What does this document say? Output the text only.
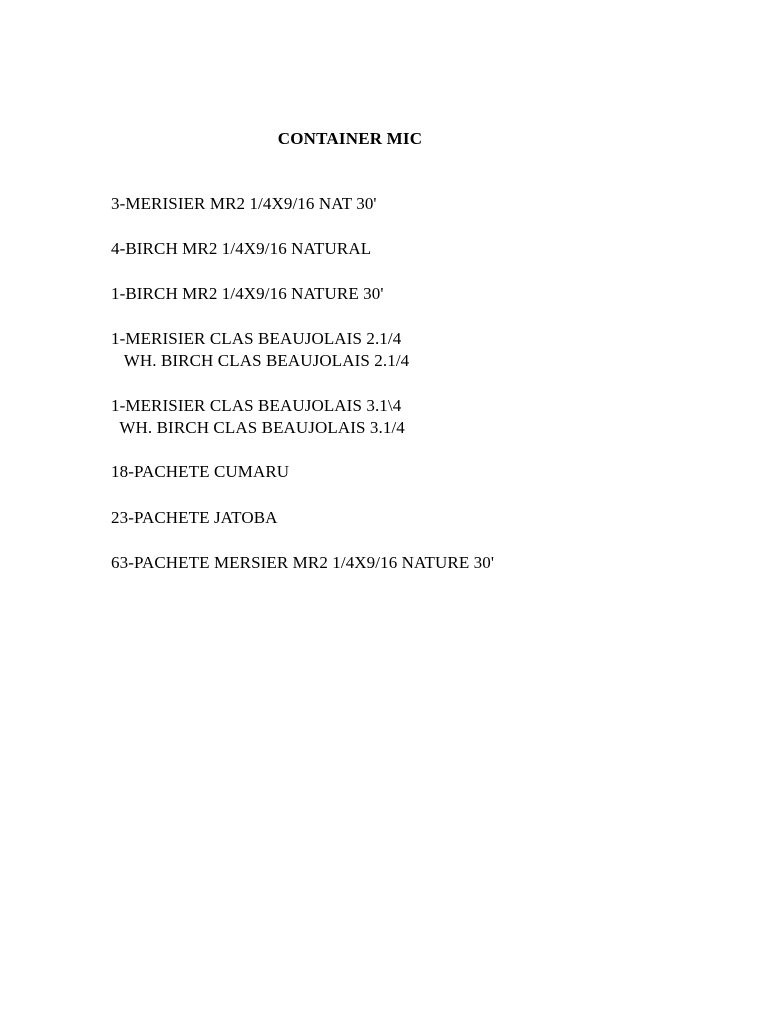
CONTAINER MIC
3-MERISIER MR2 1/4X9/16 NAT 30'
4-BIRCH MR2 1/4X9/16 NATURAL
1-BIRCH MR2 1/4X9/16 NATURE 30'
1-MERISIER CLAS BEAUJOLAIS 2.1/4
WH. BIRCH CLAS BEAUJOLAIS 2.1/4
1-MERISIER CLAS BEAUJOLAIS 3.1\4
WH. BIRCH CLAS BEAUJOLAIS 3.1/4
18-PACHETE CUMARU
23-PACHETE JATOBA
63-PACHETE MERSIER MR2 1/4X9/16 NATURE 30'
